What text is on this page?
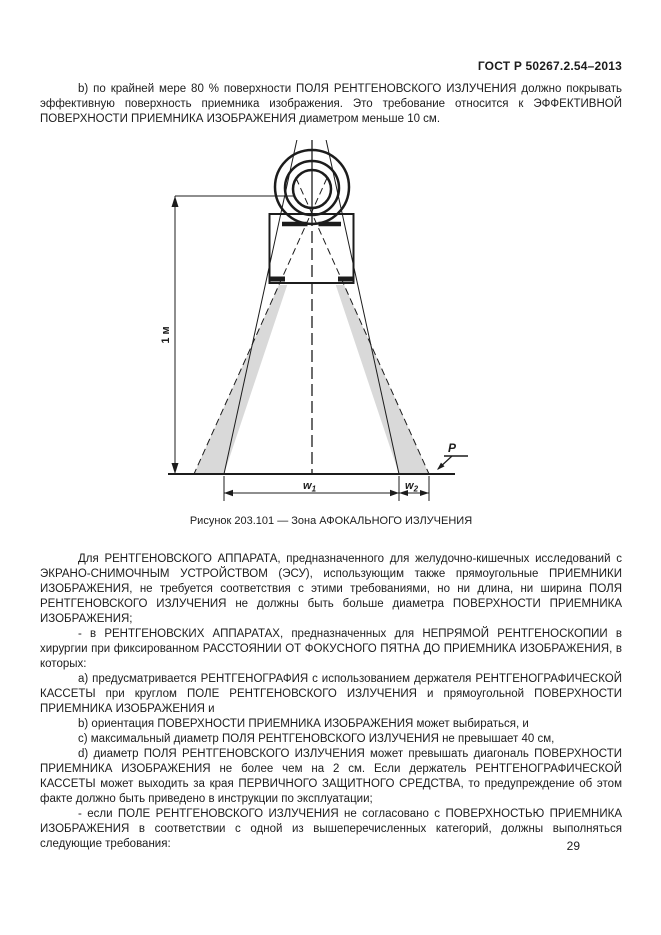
ГОСТ Р 50267.2.54–2013

b) по крайней мере 80 % поверхности ПОЛЯ РЕНТГЕНОВСКОГО ИЗЛУЧЕНИЯ должно покрывать эффективную поверхность приемника изображения. Это требование относится к ЭФФЕКТИВНОЙ ПОВЕРХНОСТИ ПРИЕМНИКА ИЗОБРАЖЕНИЯ диаметром меньше 10 см.

P
1 м
$w_1$	$w_2$
Рисунок 203.101 — Зона АФОКАЛЬНОГО ИЗЛУЧЕНИЯ

Для РЕНТГЕНОВСКОГО АППАРАТА, предназначенного для желудочно-кишечных исследований с ЭКРАНО-СНИМОЧНЫМ УСТРОЙСТВОМ (ЭСУ), использующим также прямоугольные ПРИЕМНИКИ ИЗОБРАЖЕНИЯ, не требуется соответствия с этими требованиями, но ни длина, ни ширина ПОЛЯ РЕНТГЕНОВСКОГО ИЗЛУЧЕНИЯ не должны быть больше диаметра ПОВЕРХНОСТИ ПРИЕМНИКА ИЗОБРАЖЕНИЯ;

- в РЕНТГЕНОВСКИХ АППАРАТАХ, предназначенных для НЕПРЯМОЙ РЕНТГЕНОСКОПИИ в хирургии при фиксированном РАССТОЯНИИ ОТ ФОКУСНОГО ПЯТНА ДО ПРИЕМНИКА ИЗОБРАЖЕНИЯ, в которых:

a) предусматривается РЕНТГЕНОГРАФИЯ с использованием держателя РЕНТГЕНОГРАФИЧЕСКОЙ КАССЕТЫ при круглом ПОЛЕ РЕНТГЕНОВСКОГО ИЗЛУЧЕНИЯ и прямоугольной ПОВЕРХНОСТИ ПРИЕМНИКА ИЗОБРАЖЕНИЯ и

b) ориентация ПОВЕРХНОСТИ ПРИЕМНИКА ИЗОБРАЖЕНИЯ может выбираться, и

c) максимальный диаметр ПОЛЯ РЕНТГЕНОВСКОГО ИЗЛУЧЕНИЯ не превышает 40 см,

d) диаметр ПОЛЯ РЕНТГЕНОВСКОГО ИЗЛУЧЕНИЯ может превышать диагональ ПОВЕРХНОСТИ ПРИЕМНИКА ИЗОБРАЖЕНИЯ не более чем на 2 см. Если держатель РЕНТГЕНОГРАФИЧЕСКОЙ КАССЕТЫ может выходить за края ПЕРВИЧНОГО ЗАЩИТНОГО СРЕДСТВА, то предупреждение об этом факте должно быть приведено в инструкции по эксплуатации;

- если ПОЛЕ РЕНТГЕНОВСКОГО ИЗЛУЧЕНИЯ не согласовано с ПОВЕРХНОСТЬЮ ПРИЕМНИКА ИЗОБРАЖЕНИЯ в соответствии с одной из вышеперечисленных категорий, должны выполняться следующие требования:	29
